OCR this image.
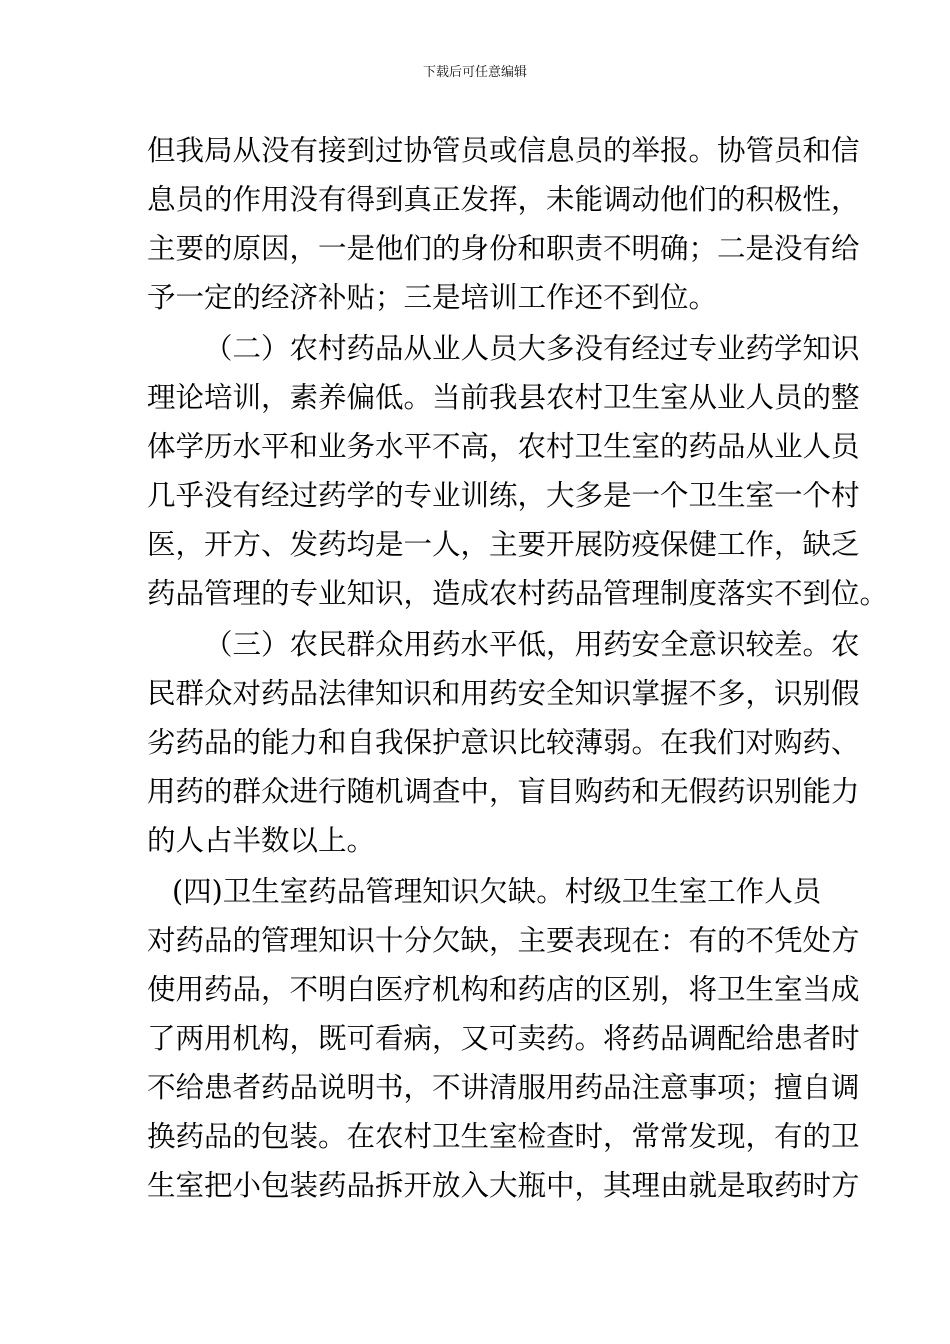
下载后可任意编辑
但我局从没有接到过协管员或信息员的举报。协管员和信
息员的作用没有得到真正发挥，未能调动他们的积极性，
主要的原因，一是他们的身份和职责不明确；二是没有给
予一定的经济补贴；三是培训工作还不到位。
（二）农村药品从业人员大多没有经过专业药学知识
理论培训，素养偏低。当前我县农村卫生室从业人员的整
体学历水平和业务水平不高，农村卫生室的药品从业人员
几乎没有经过药学的专业训练，大多是一个卫生室一个村
医，开方、发药均是一人，主要开展防疫保健工作，缺乏
药品管理的专业知识，造成农村药品管理制度落实不到位。
（三）农民群众用药水平低，用药安全意识较差。农
民群众对药品法律知识和用药安全知识掌握不多，识别假
劣药品的能力和自我保护意识比较薄弱。在我们对购药、
用药的群众进行随机调查中，盲目购药和无假药识别能力
的人占半数以上。
(四)卫生室药品管理知识欠缺。村级卫生室工作人员
对药品的管理知识十分欠缺，主要表现在：有的不凭处方
使用药品，不明白医疗机构和药店的区别，将卫生室当成
了两用机构，既可看病，又可卖药。将药品调配给患者时
不给患者药品说明书，不讲清服用药品注意事项；擅自调
换药品的包装。在农村卫生室检查时，常常发现，有的卫
生室把小包装药品拆开放入大瓶中，其理由就是取药时方
